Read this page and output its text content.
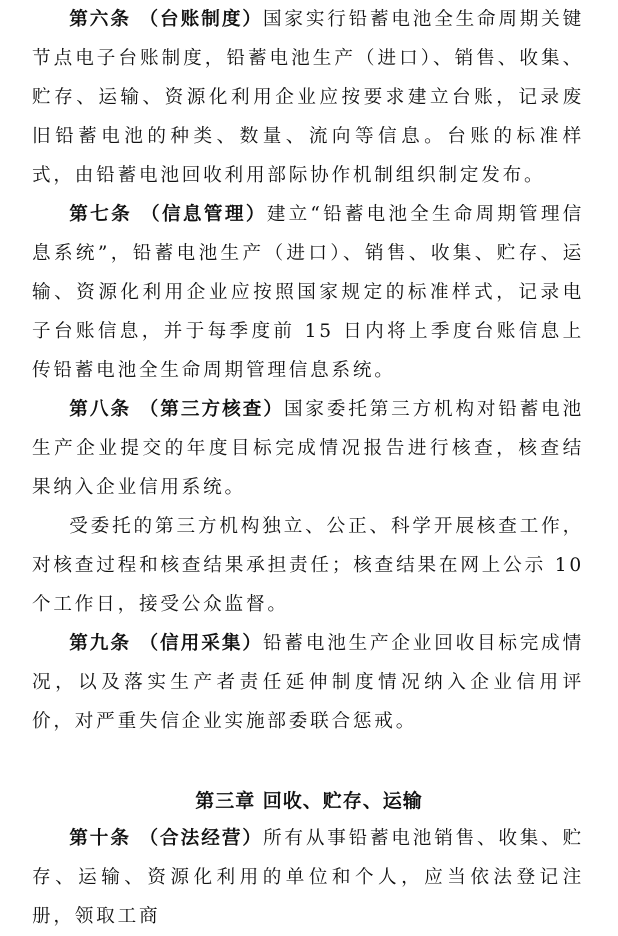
第六条 （台账制度）国家实行铅蓄电池全生命周期关键节点电子台账制度，铅蓄电池生产（进口）、销售、收集、贮存、运输、资源化利用企业应按要求建立台账，记录废旧铅蓄电池的种类、数量、流向等信息。台账的标准样式，由铅蓄电池回收利用部际协作机制组织制定发布。

第七条 （信息管理）建立“铅蓄电池全生命周期管理信息系统”，铅蓄电池生产（进口）、销售、收集、贮存、运输、资源化利用企业应按照国家规定的标准样式，记录电子台账信息，并于每季度前 15 日内将上季度台账信息上传铅蓄电池全生命周期管理信息系统。

第八条 （第三方核查）国家委托第三方机构对铅蓄电池生产企业提交的年度目标完成情况报告进行核查，核查结果纳入企业信用系统。

受委托的第三方机构独立、公正、科学开展核查工作，对核查过程和核查结果承担责任；核查结果在网上公示 10 个工作日，接受公众监督。

第九条 （信用采集）铅蓄电池生产企业回收目标完成情况，以及落实生产者责任延伸制度情况纳入企业信用评价，对严重失信企业实施部委联合惩戒。

第三章 回收、贮存、运输

第十条 （合法经营）所有从事铅蓄电池销售、收集、贮存、运输、资源化利用的单位和个人，应当依法登记注册，领取工商
